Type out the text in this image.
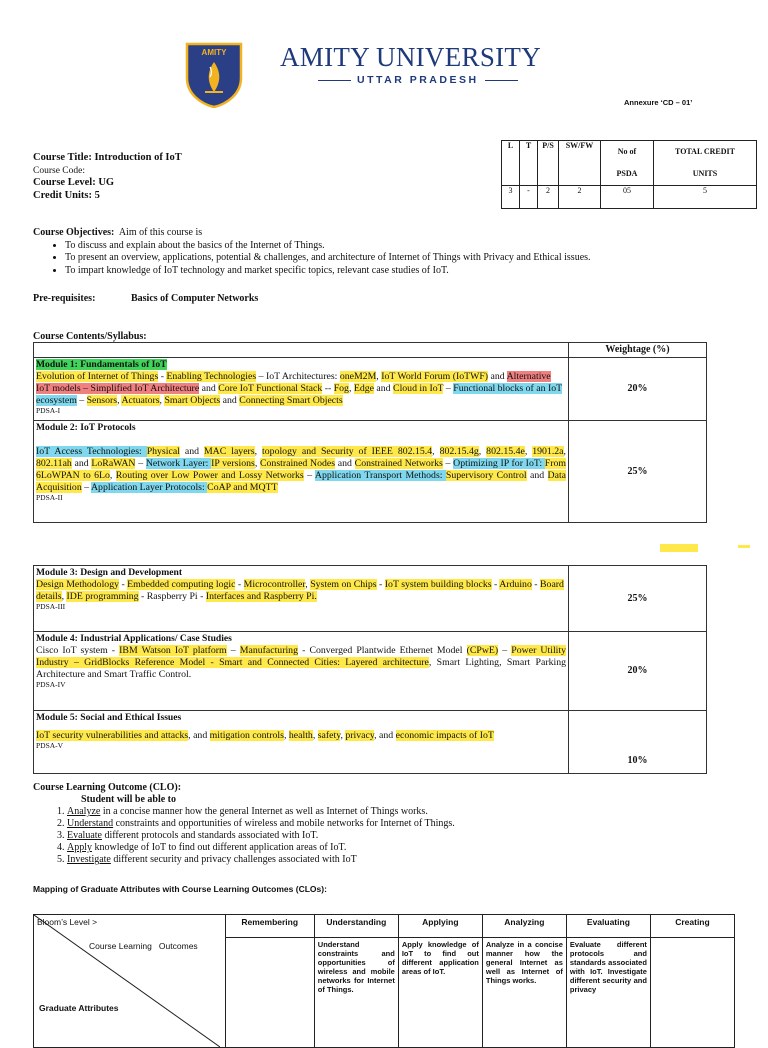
AMITY AMITY UNIVERSITY
UTTAR PRADESH
Annexure ‘CD – 01’
Course Title: Introduction of IoT
Course Code:
Course Level: UG
Credit Units: 5
L	T	P/S	SW/FW	No of
PSDA	TOTAL CREDIT
UNITS
3	-	2	2	05	5
Course Objectives: Aim of this course is
• To discuss and explain about the basics of the Internet of Things.
• To present an overview, applications, potential & challenges, and architecture of Internet of Things with Privacy and Ethical issues.
• To impart knowledge of IoT technology and market specific topics, relevant case studies of IoT.
Pre-requisites:	Basics of Computer Networks
Course Contents/Syllabus:
	Weightage (%)

Module 1: Fundamentals of IoT
Evolution of Internet of Things - Enabling Technologies – IoT Architectures: oneM2M, IoT World Forum (IoTWF) and Alternative IoT models – Simplified IoT Architecture and Core IoT Functional Stack -- Fog, Edge and Cloud in IoT – Functional blocks of an IoT ecosystem – Sensors, Actuators, Smart Objects and Connecting Smart Objects
PDSA-I	20%

Module 2: IoT Protocols
IoT Access Technologies: Physical and MAC layers, topology and Security of IEEE 802.15.4, 802.15.4g, 802.15.4e, 1901.2a, 802.11ah and LoRaWAN – Network Layer: IP versions, Constrained Nodes and Constrained Networks – Optimizing IP for IoT: From 6LoWPAN to 6Lo, Routing over Low Power and Lossy Networks – Application Transport Methods: Supervisory Control and Data Acquisition – Application Layer Protocols: CoAP and MQTT
PDSA-II	25%
Module 3: Design and Development
Design Methodology - Embedded computing logic - Microcontroller, System on Chips - IoT system building blocks - Arduino - Board details, IDE programming - Raspberry Pi - Interfaces and Raspberry Pi.
PDSA-III	25%

Module 4: Industrial Applications/ Case Studies
Cisco IoT system - IBM Watson IoT platform – Manufacturing - Converged Plantwide Ethernet Model (CPwE) – Power Utility Industry – GridBlocks Reference Model - Smart and Connected Cities: Layered architecture, Smart Lighting, Smart Parking Architecture and Smart Traffic Control.
PDSA-IV	20%

Module 5: Social and Ethical Issues
IoT security vulnerabilities and attacks, and mitigation controls, health, safety, privacy, and economic impacts of IoT
PDSA-V	10%
Course Learning Outcome (CLO):
Student will be able to
1. Analyze in a concise manner how the general Internet as well as Internet of Things works.
2. Understand constraints and opportunities of wireless and mobile networks for Internet of Things.
3. Evaluate different protocols and standards associated with IoT.
4. Apply knowledge of IoT to find out different application areas of IoT.
5. Investigate different security and privacy challenges associated with IoT
Mapping of Graduate Attributes with Course Learning Outcomes (CLOs):
Bloom’s Level >
Course Learning   Outcomes
Graduate Attributes	Remembering	Understanding	Applying	Analyzing	Evaluating	Creating
		Understand constraints and opportunities of wireless and mobile networks for Internet of Things.	Apply knowledge of IoT to find out different application areas of IoT.	Analyze in a concise manner how the general Internet as well as Internet of Things works.	Evaluate different protocols and standards associated with IoT. Investigate different security and privacy	
